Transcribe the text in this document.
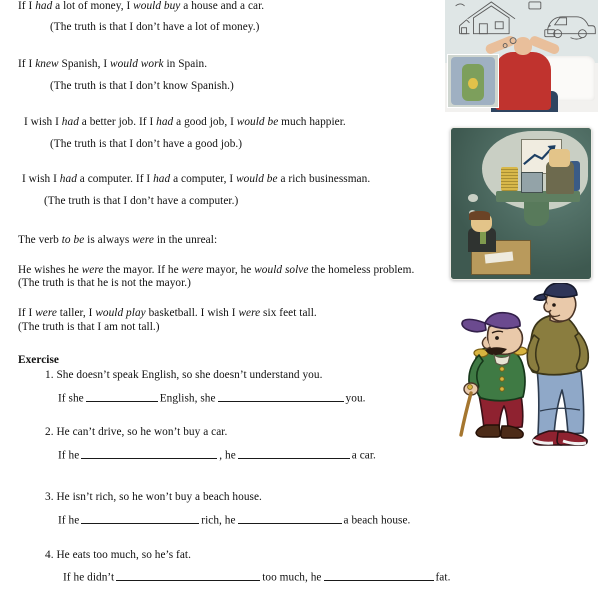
If I had a lot of money, I would buy a house and a car.
(The truth is that I don’t have a lot of money.)
If I knew Spanish, I would work in Spain.
(The truth is that I don’t know Spanish.)
I wish I had a better job. If I had a good job, I would be much happier.
(The truth is that I don’t have a good job.)
I wish I had a computer. If I had a computer, I would be a rich businessman.
(The truth is that I don’t have a computer.)
The verb to be is always were in the unreal:
He wishes he were the mayor. If he were mayor, he would solve the homeless problem.
(The truth is that he is not the mayor.)
If I were taller, I would play basketball. I wish I were six feet tall.
(The truth is that I am not tall.)
Exercise
1. She doesn’t speak English, so she doesn’t understand you.
If she	English, she	you.
2. He can’t drive, so he won’t buy a car.
If he	, he	a car.
3. He isn’t rich, so he won’t buy a beach house.
If he	rich, he	a beach house.
4. He eats too much, so he’s fat.
If he didn’t	too much, he	fat.
